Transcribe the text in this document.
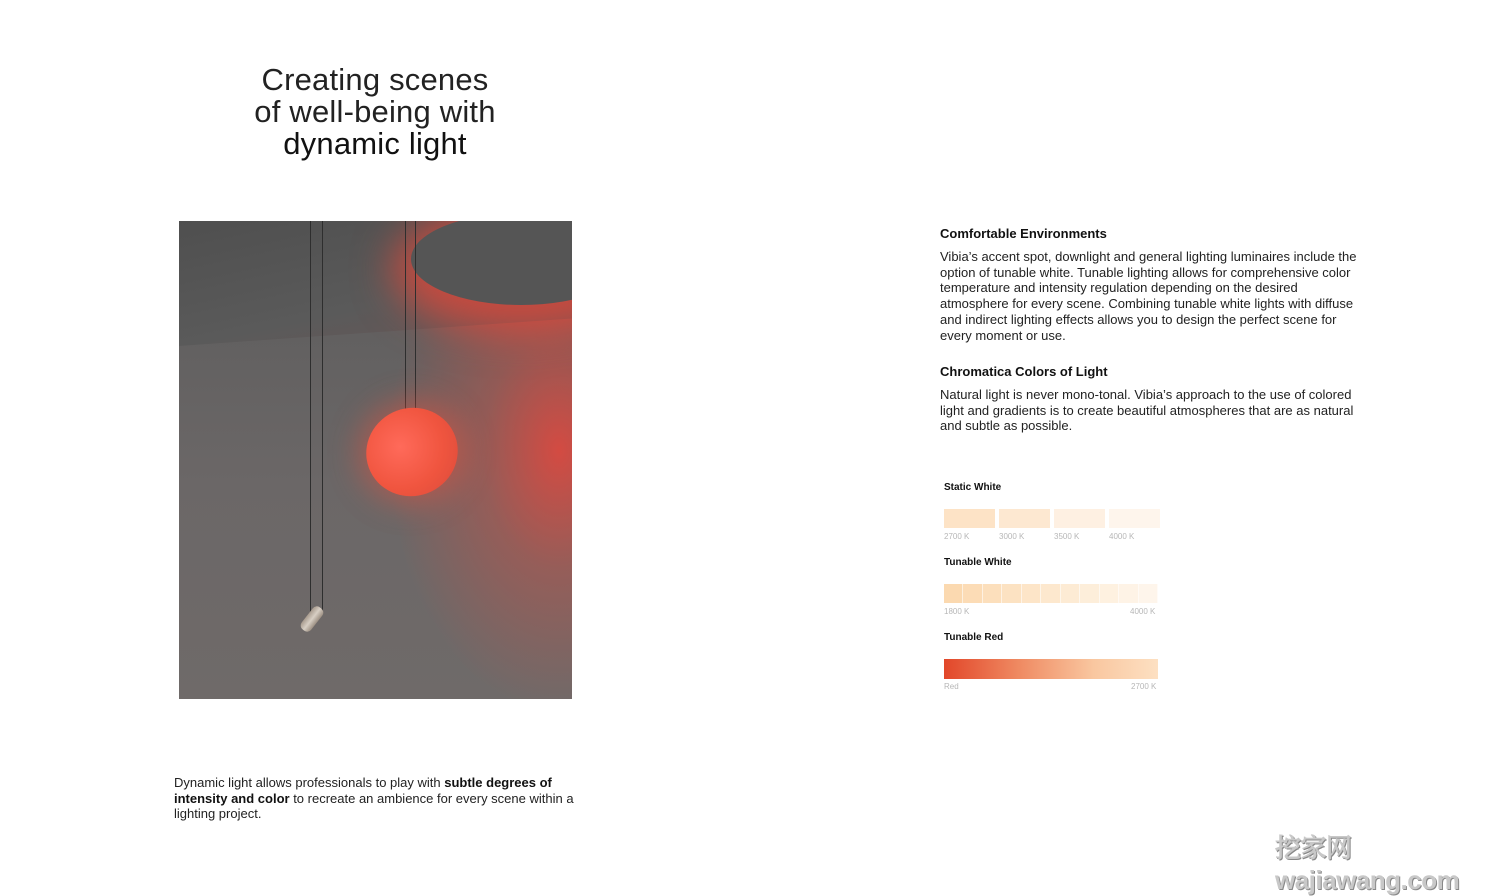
Creating scenes
of well-being with
dynamic light
Dynamic light allows professionals to play with subtle degrees of intensity and color to recreate an ambience for every scene within a lighting project.
Comfortable Environments
Vibia’s accent spot, downlight and general lighting luminaires include the option of tunable white. Tunable lighting allows for comprehensive color temperature and intensity regulation depending on the desired atmosphere for every scene. Combining tunable white lights with diffuse and indirect lighting effects allows you to design the perfect scene for every moment or use.
Chromatica Colors of Light
Natural light is never mono-tonal. Vibia’s approach to the use of colored light and gradients is to create beautiful atmospheres that are as natural and subtle as possible.
Static White
2700 K	3000 K	3500 K	4000 K
Tunable White
1800 K	4000 K
Tunable Red
Red	2700 K
挖家网 wajiawang.com
